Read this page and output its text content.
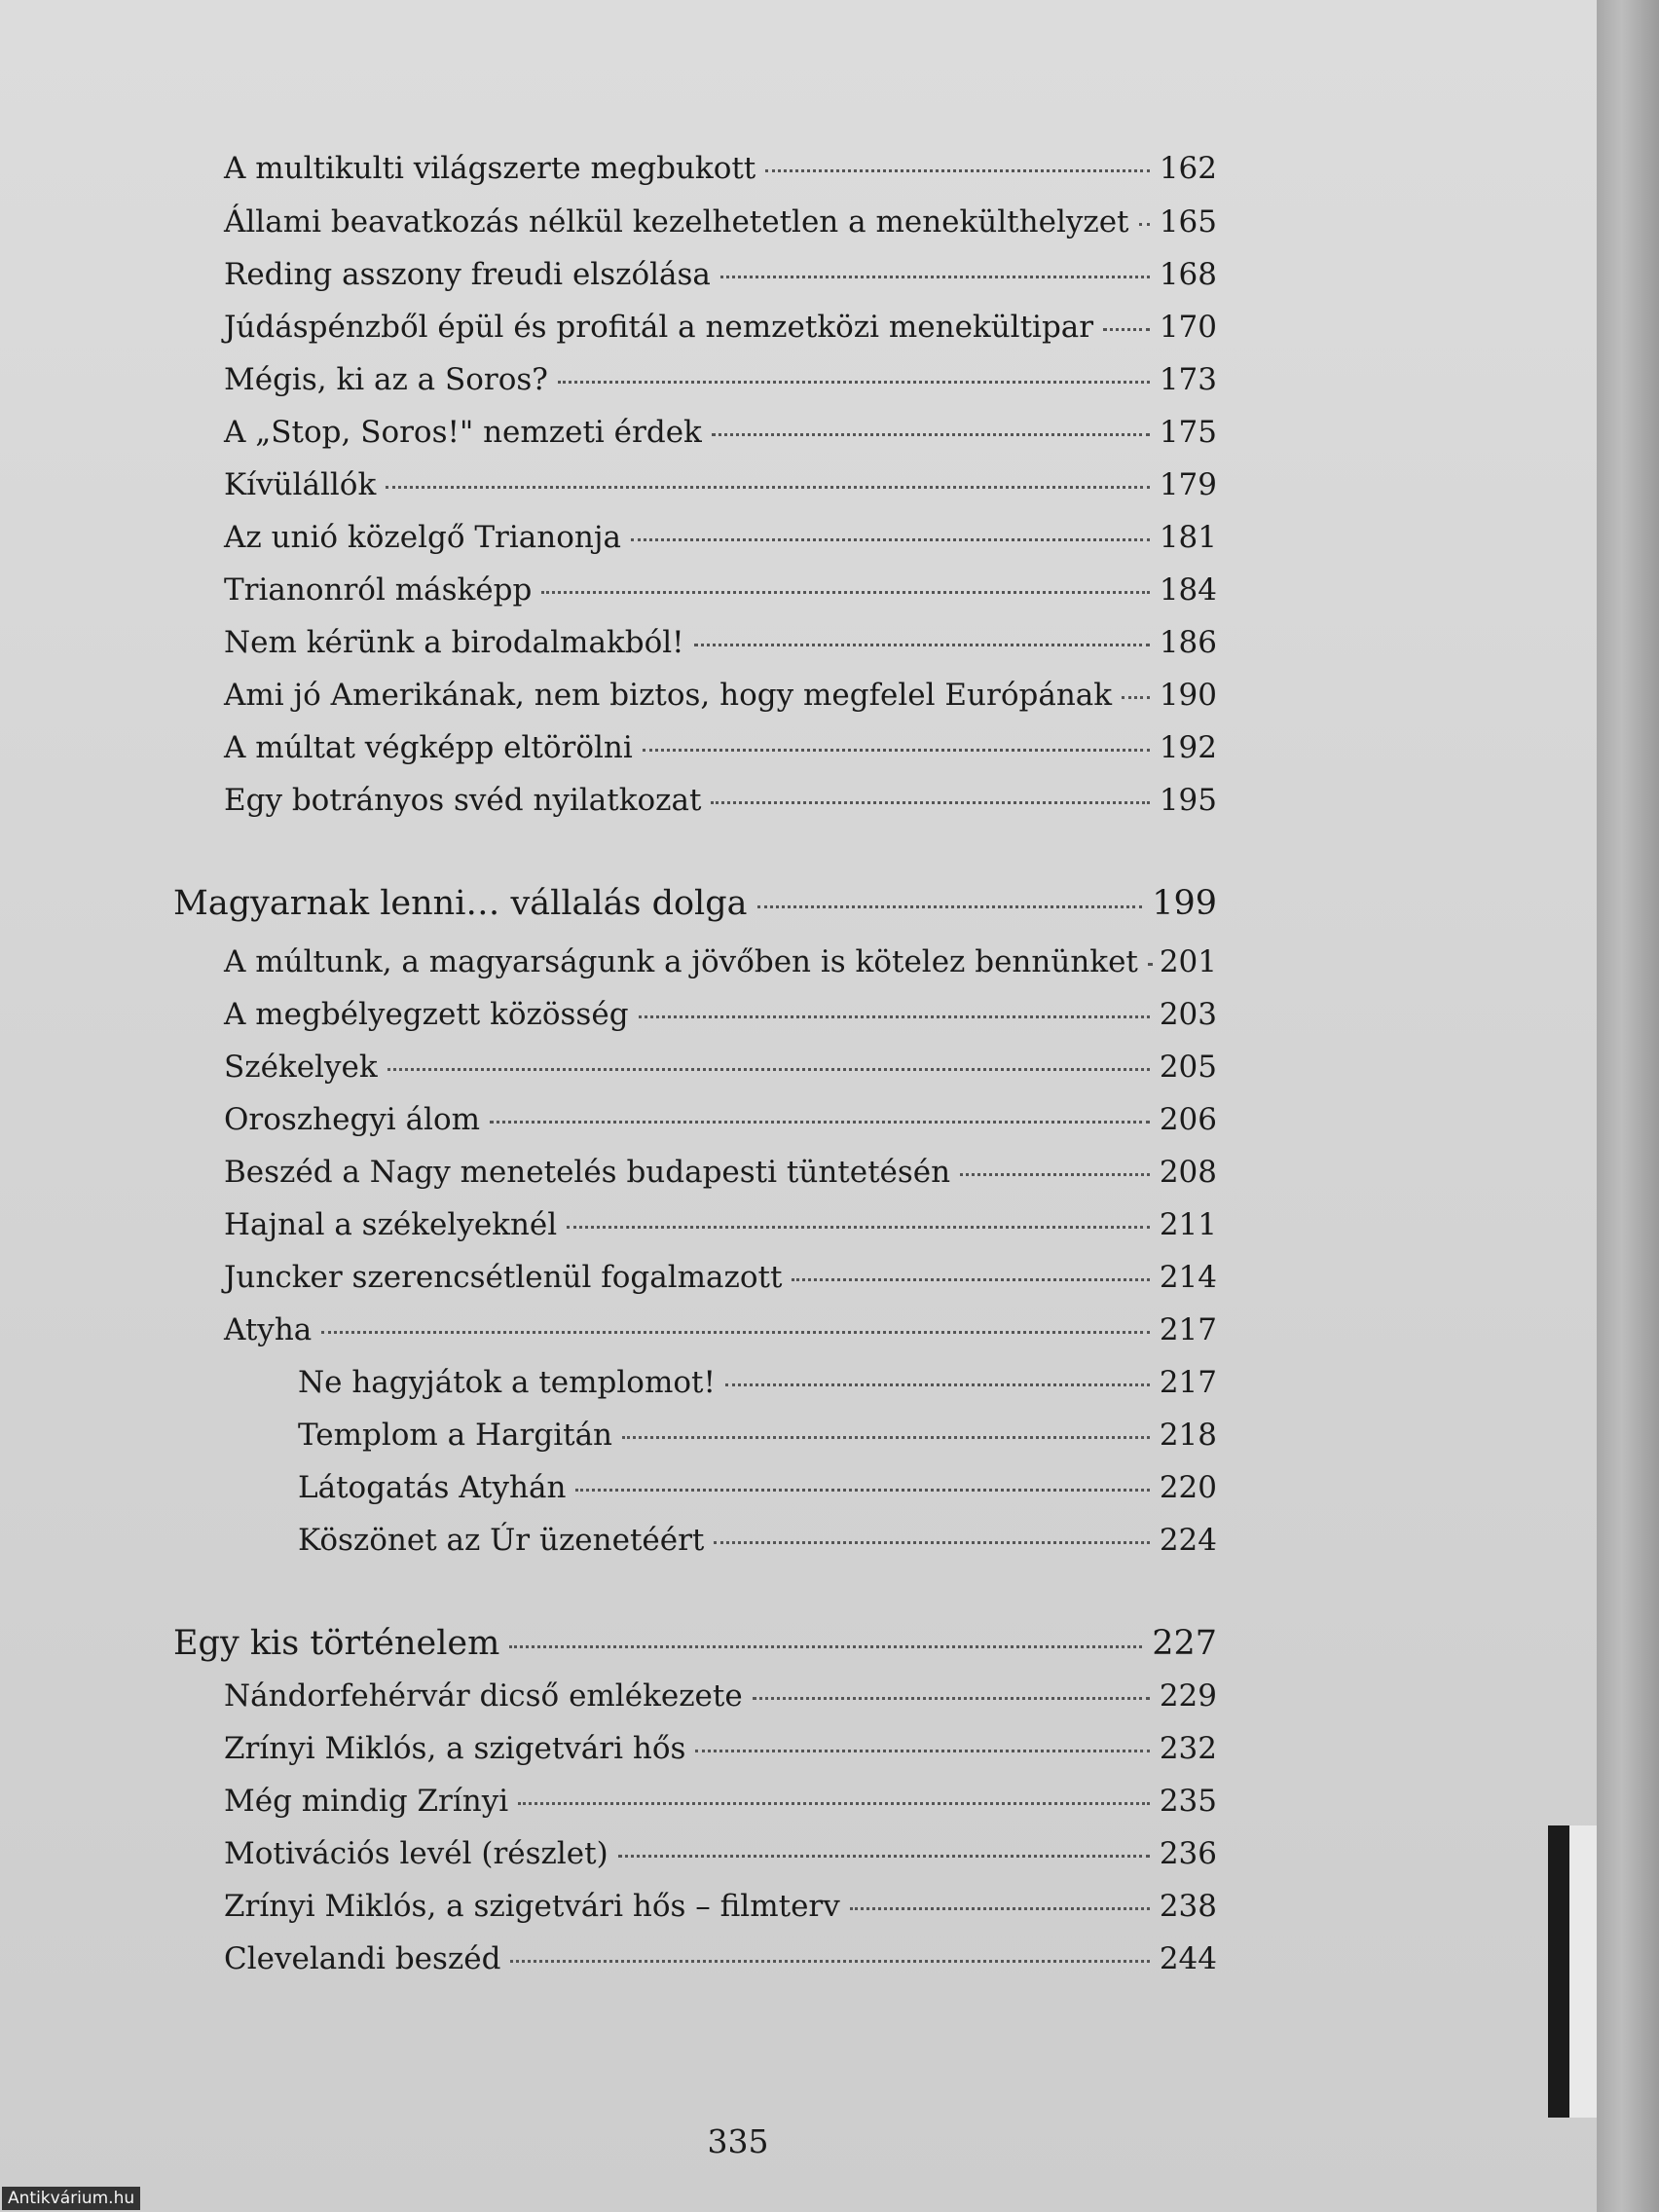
A multikulti világszerte megbukott	162
Állami beavatkozás nélkül kezelhetetlen a menekülthelyzet 165
Reding asszony freudi elszólása	168
Júdáspénzből épül és profitál a nemzetközi menekültipar 170
Mégis, ki az a Soros?	173
A „Stop, Soros!" nemzeti érdek	175
Kívülállók	179
Az unió közelgő Trianonja	181
Trianonról másképp	184
Nem kérünk a birodalmakból!	186
Ami jó Amerikának, nem biztos, hogy megfelel Európának 190
A múltat végképp eltörölni	192
Egy botrányos svéd nyilatkozat	195
Magyarnak lenni… vállalás dolga	199
A múltunk, a magyarságunk a jövőben is kötelez bennünket 201
A megbélyegzett közösség	203
Székelyek	205
Oroszhegyi álom	206
Beszéd a Nagy menetelés budapesti tüntetésén	208
Hajnal a székelyeknél	211
Juncker szerencsétlenül fogalmazott	214
Atyha	217
Ne hagyjátok a templomot!	217
Templom a Hargitán	218
Látogatás Atyhán	220
Köszönet az Úr üzenetéért	224
Egy kis történelem	227
Nándorfehérvár dicső emlékezete	229
Zrínyi Miklós, a szigetvári hős	232
Még mindig Zrínyi	235
Motivációs levél (részlet)	236
Zrínyi Miklós, a szigetvári hős – filmterv	238
Clevelandi beszéd	244
335
Antikvárium.hu
